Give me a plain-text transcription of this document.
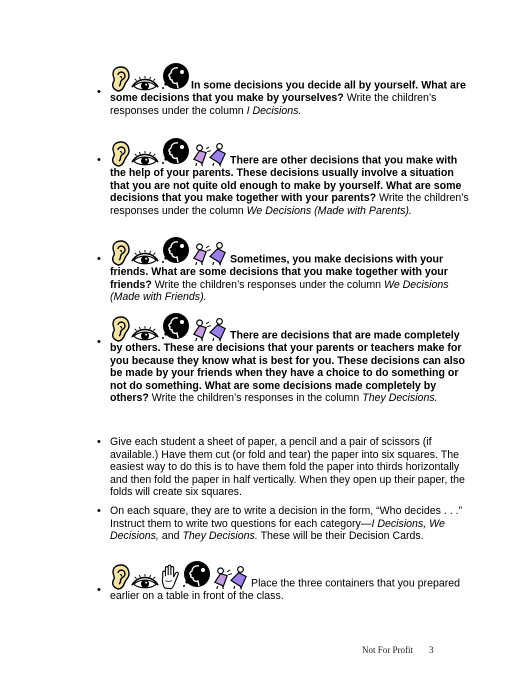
•
In some decisions you decide all by yourself. What are some decisions that you make by yourselves? Write the children’s responses under the column I Decisions.
•	There are other decisions that you make with the help of your parents. These decisions usually involve a situation that you are not quite old enough to make by yourself. What are some decisions that you make together with your parents? Write the children’s responses under the column We Decisions (Made with Parents).
•	Sometimes, you make decisions with your friends. What are some decisions that you make together with your friends? Write the children’s responses under the column We Decisions (Made with Friends).
•
There are decisions that are made completely by others. These are decisions that your parents or teachers make for you because they know what is best for you. These decisions can also be made by your friends when they have a choice to do something or not do something. What are some decisions made completely by others? Write the children’s responses in the column They Decisions.
• Give each student a sheet of paper, a pencil and a pair of scissors (if available.) Have them cut (or fold and tear) the paper into six squares. The easiest way to do this is to have them fold the paper into thirds horizontally and then fold the paper in half vertically. When they open up their paper, the folds will create six squares.
• On each square, they are to write a decision in the form, “Who decides . . .” Instruct them to write two questions for each category—I Decisions, We Decisions, and They Decisions. These will be their Decision Cards.
•
Place the three containers that you prepared earlier on a table in front of the class.
Not For Profit 3
